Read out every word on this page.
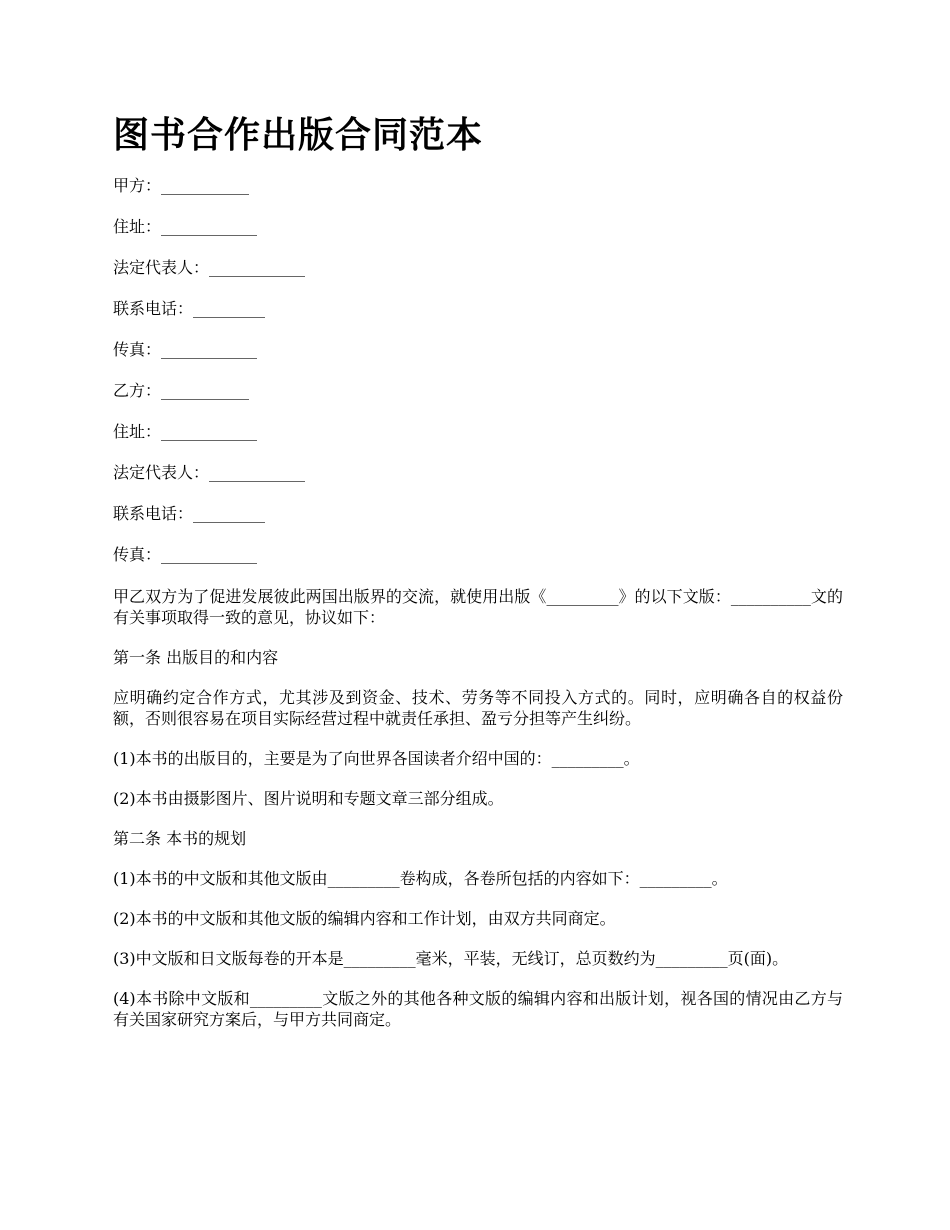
图书合作出版合同范本

甲方：___________

住址：____________

法定代表人：____________

联系电话：_________

传真：____________

乙方：___________

住址：____________

法定代表人：____________

联系电话：_________

传真：____________

甲乙双方为了促进发展彼此两国出版界的交流，就使用出版《_________》的以下文版：__________文的有关事项取得一致的意见，协议如下：

第一条 出版目的和内容

应明确约定合作方式，尤其涉及到资金、技术、劳务等不同投入方式的。同时，应明确各自的权益份额，否则很容易在项目实际经营过程中就责任承担、盈亏分担等产生纠纷。

(1)本书的出版目的，主要是为了向世界各国读者介绍中国的：_________。

(2)本书由摄影图片、图片说明和专题文章三部分组成。

第二条 本书的规划

(1)本书的中文版和其他文版由_________卷构成，各卷所包括的内容如下：_________。

(2)本书的中文版和其他文版的编辑内容和工作计划，由双方共同商定。

(3)中文版和日文版每卷的开本是_________毫米，平装，无线订，总页数约为_________页(面)。

(4)本书除中文版和_________文版之外的其他各种文版的编辑内容和出版计划，视各国的情况由乙方与有关国家研究方案后，与甲方共同商定。
